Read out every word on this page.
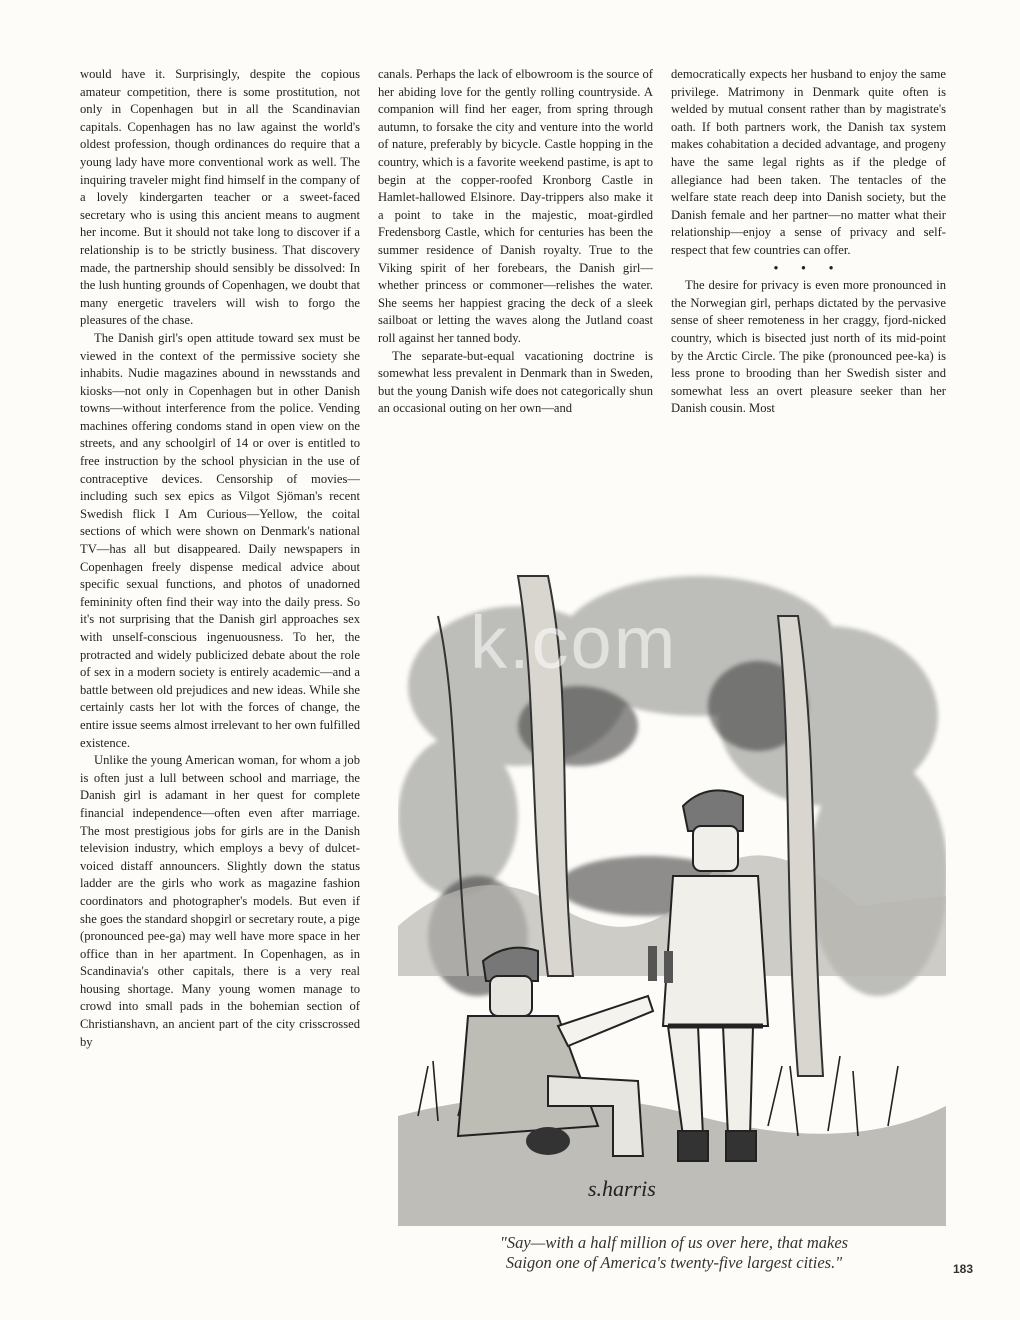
would have it. Surprisingly, despite the copious amateur competition, there is some prostitution, not only in Copenhagen but in all the Scandinavian capitals. Copenhagen has no law against the world's oldest profession, though ordinances do require that a young lady have more conventional work as well. The inquiring traveler might find himself in the company of a lovely kindergarten teacher or a sweet-faced secretary who is using this ancient means to augment her income. But it should not take long to discover if a relationship is to be strictly business. That discovery made, the partnership should sensibly be dissolved: In the lush hunting grounds of Copenhagen, we doubt that many energetic travelers will wish to forgo the pleasures of the chase.

The Danish girl's open attitude toward sex must be viewed in the context of the permissive society she inhabits. Nudie magazines abound in newsstands and kiosks—not only in Copenhagen but in other Danish towns—without interference from the police. Vending machines offering condoms stand in open view on the streets, and any schoolgirl of 14 or over is entitled to free instruction by the school physician in the use of contraceptive devices. Censorship of movies—including such sex epics as Vilgot Sjöman's recent Swedish flick I Am Curious—Yellow, the coital sections of which were shown on Denmark's national TV—has all but disappeared. Daily newspapers in Copenhagen freely dispense medical advice about specific sexual functions, and photos of unadorned femininity often find their way into the daily press. So it's not surprising that the Danish girl approaches sex with unself-conscious ingenuousness. To her, the protracted and widely publicized debate about the role of sex in a modern society is entirely academic—and a battle between old prejudices and new ideas. While she certainly casts her lot with the forces of change, the entire issue seems almost irrelevant to her own fulfilled existence.

Unlike the young American woman, for whom a job is often just a lull between school and marriage, the Danish girl is adamant in her quest for complete financial independence—often even after marriage. The most prestigious jobs for girls are in the Danish television industry, which employs a bevy of dulcet-voiced distaff announcers. Slightly down the status ladder are the girls who work as magazine fashion coordinators and photographer's models. But even if she goes the standard shopgirl or secretary route, a pige (pronounced pee-ga) may well have more space in her office than in her apartment. In Copenhagen, as in Scandinavia's other capitals, there is a very real housing shortage. Many young women manage to crowd into small pads in the bohemian section of Christianshavn, an ancient part of the city crisscrossed by

canals. Perhaps the lack of elbowroom is the source of her abiding love for the gently rolling countryside. A companion will find her eager, from spring through autumn, to forsake the city and venture into the world of nature, preferably by bicycle. Castle hopping in the country, which is a favorite weekend pastime, is apt to begin at the copper-roofed Kronborg Castle in Hamlet-hallowed Elsinore. Day-trippers also make it a point to take in the majestic, moat-girdled Fredensborg Castle, which for centuries has been the summer residence of Danish royalty. True to the Viking spirit of her forebears, the Danish girl—whether princess or commoner—relishes the water. She seems her happiest gracing the deck of a sleek sailboat or letting the waves along the Jutland coast roll against her tanned body.

The separate-but-equal vacationing doctrine is somewhat less prevalent in Denmark than in Sweden, but the young Danish wife does not categorically shun an occasional outing on her own—and

democratically expects her husband to enjoy the same privilege. Matrimony in Denmark quite often is welded by mutual consent rather than by magistrate's oath. If both partners work, the Danish tax system makes cohabitation a decided advantage, and progeny have the same legal rights as if the pledge of allegiance had been taken. The tentacles of the welfare state reach deep into Danish society, but the Danish female and her partner—no matter what their relationship—enjoy a sense of privacy and self-respect that few countries can offer.

• • •

The desire for privacy is even more pronounced in the Norwegian girl, perhaps dictated by the pervasive sense of sheer remoteness in her craggy, fjord-nicked country, which is bisected just north of its mid-point by the Arctic Circle. The pike (pronounced pee-ka) is less prone to brooding than her Swedish sister and somewhat less an overt pleasure seeker than her Danish cousin. Most

s.harris
k.com
"Say—with a half million of us over here, that makes
Saigon one of America's twenty-five largest cities."	183
